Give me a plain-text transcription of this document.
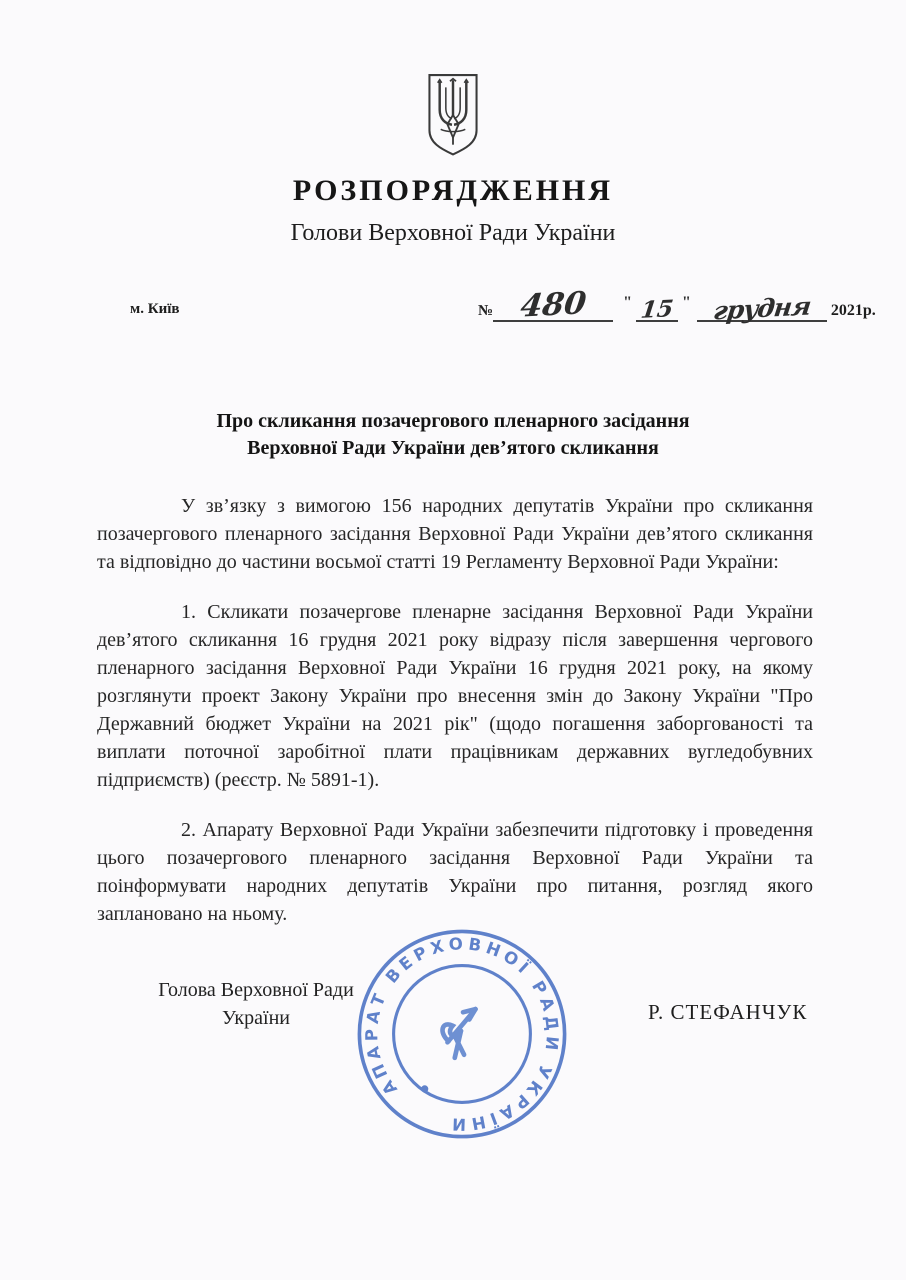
РОЗПОРЯДЖЕННЯ
Голови Верховної Ради України
м. Київ	№ 480 " 15 " грудня 2021р.
Про скликання позачергового пленарного засідання
Верховної Ради України дев’ятого скликання

У зв’язку з вимогою 156 народних депутатів України про скликання позачергового пленарного засідання Верховної Ради України дев’ятого скликання та відповідно до частини восьмої статті 19 Регламенту Верховної Ради України:

1. Скликати позачергове пленарне засідання Верховної Ради України дев’ятого скликання 16 грудня 2021 року відразу після завершення чергового пленарного засідання Верховної Ради України 16 грудня 2021 року, на якому розглянути проект Закону України про внесення змін до Закону України "Про Державний бюджет України на 2021 рік" (щодо погашення заборгованості та виплати поточної заробітної плати працівникам державних вугледобувних підприємств) (реєстр. № 5891-1).

2. Апарату Верховної Ради України забезпечити підготовку і проведення цього позачергового пленарного засідання Верховної Ради України та поінформувати народних депутатів України про питання, розгляд якого заплановано на ньому.

Голова Верховної Ради
України	Р. СТЕФАНЧУК
АПАРАТ ВЕРХОВНОЇ РАДИ УКРАЇНИ
